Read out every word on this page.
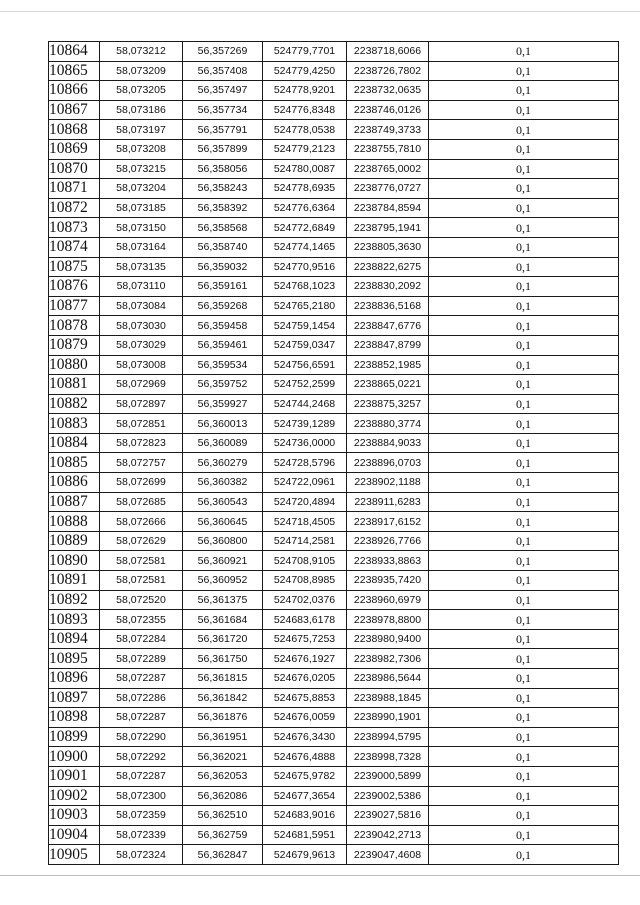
10864	58,073212	56,357269	524779,7701	2238718,6066	0,1
10865	58,073209	56,357408	524779,4250	2238726,7802	0,1
10866	58,073205	56,357497	524778,9201	2238732,0635	0,1
10867	58,073186	56,357734	524776,8348	2238746,0126	0,1
10868	58,073197	56,357791	524778,0538	2238749,3733	0,1
10869	58,073208	56,357899	524779,2123	2238755,7810	0,1
10870	58,073215	56,358056	524780,0087	2238765,0002	0,1
10871	58,073204	56,358243	524778,6935	2238776,0727	0,1
10872	58,073185	56,358392	524776,6364	2238784,8594	0,1
10873	58,073150	56,358568	524772,6849	2238795,1941	0,1
10874	58,073164	56,358740	524774,1465	2238805,3630	0,1
10875	58,073135	56,359032	524770,9516	2238822,6275	0,1
10876	58,073110	56,359161	524768,1023	2238830,2092	0,1
10877	58,073084	56,359268	524765,2180	2238836,5168	0,1
10878	58,073030	56,359458	524759,1454	2238847,6776	0,1
10879	58,073029	56,359461	524759,0347	2238847,8799	0,1
10880	58,073008	56,359534	524756,6591	2238852,1985	0,1
10881	58,072969	56,359752	524752,2599	2238865,0221	0,1
10882	58,072897	56,359927	524744,2468	2238875,3257	0,1
10883	58,072851	56,360013	524739,1289	2238880,3774	0,1
10884	58,072823	56,360089	524736,0000	2238884,9033	0,1
10885	58,072757	56,360279	524728,5796	2238896,0703	0,1
10886	58,072699	56,360382	524722,0961	2238902,1188	0,1
10887	58,072685	56,360543	524720,4894	2238911,6283	0,1
10888	58,072666	56,360645	524718,4505	2238917,6152	0,1
10889	58,072629	56,360800	524714,2581	2238926,7766	0,1
10890	58,072581	56,360921	524708,9105	2238933,8863	0,1
10891	58,072581	56,360952	524708,8985	2238935,7420	0,1
10892	58,072520	56,361375	524702,0376	2238960,6979	0,1
10893	58,072355	56,361684	524683,6178	2238978,8800	0,1
10894	58,072284	56,361720	524675,7253	2238980,9400	0,1
10895	58,072289	56,361750	524676,1927	2238982,7306	0,1
10896	58,072287	56,361815	524676,0205	2238986,5644	0,1
10897	58,072286	56,361842	524675,8853	2238988,1845	0,1
10898	58,072287	56,361876	524676,0059	2238990,1901	0,1
10899	58,072290	56,361951	524676,3430	2238994,5795	0,1
10900	58,072292	56,362021	524676,4888	2238998,7328	0,1
10901	58,072287	56,362053	524675,9782	2239000,5899	0,1
10902	58,072300	56,362086	524677,3654	2239002,5386	0,1
10903	58,072359	56,362510	524683,9016	2239027,5816	0,1
10904	58,072339	56,362759	524681,5951	2239042,2713	0,1
10905	58,072324	56,362847	524679,9613	2239047,4608	0,1
